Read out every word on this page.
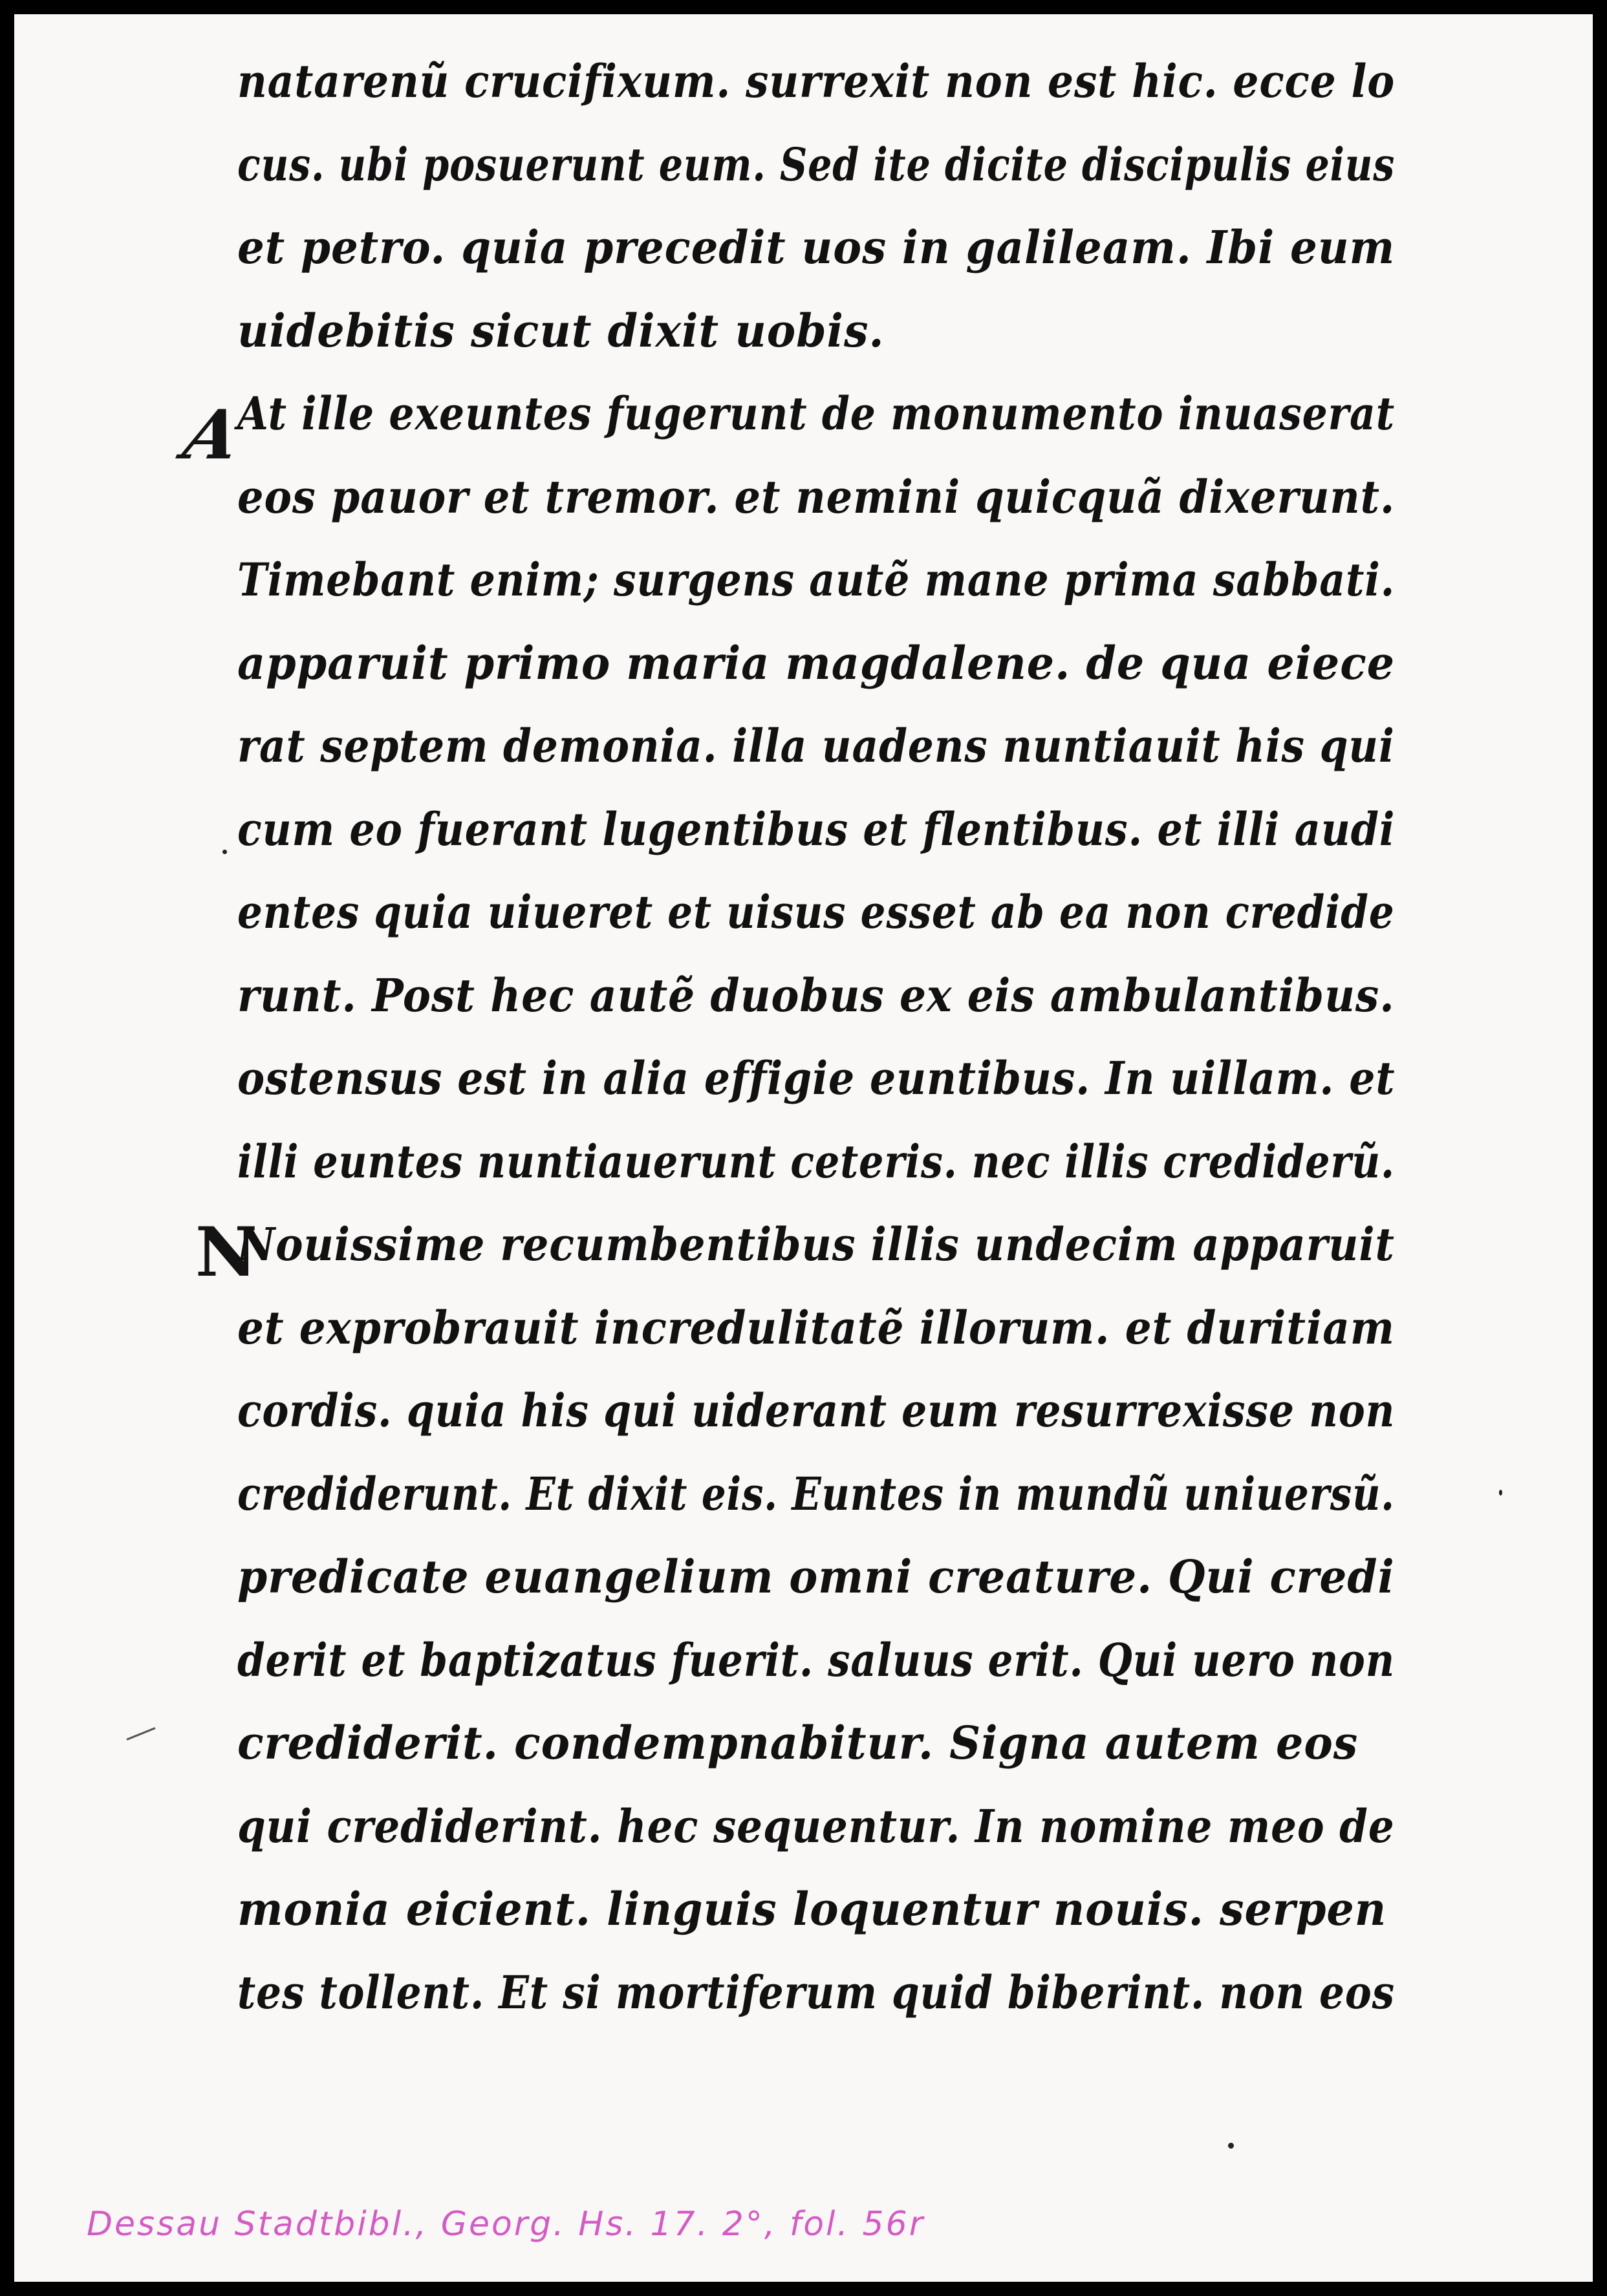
A
N
natarenũ crucifixum. surrexit non est hic. ecce lo
cus. ubi posuerunt eum. Sed ite dicite discipulis eius
et petro. quia precedit uos in galileam. Ibi eum
uidebitis sicut dixit uobis.
At ille exeuntes fugerunt de monumento inuaserat
eos pauor et tremor. et nemini quicquã dixerunt.
Timebant enim; surgens autẽ mane prima sabbati.
apparuit primo maria magdalene. de qua eiece
rat septem demonia. illa uadens nuntiauit his qui
cum eo fuerant lugentibus et flentibus. et illi audi
entes quia uiueret et uisus esset ab ea non credide
runt. Post hec autẽ duobus ex eis ambulantibus.
ostensus est in alia effigie euntibus. In uillam. et
illi euntes nuntiauerunt ceteris. nec illis crediderũ.
Nouissime recumbentibus illis undecim apparuit
et exprobrauit incredulitatẽ illorum. et duritiam
cordis. quia his qui uiderant eum resurrexisse non
crediderunt. Et dixit eis. Euntes in mundũ uniuersũ.
predicate euangelium omni creature. Qui credi
derit et baptizatus fuerit. saluus erit. Qui uero non
crediderit. condempnabitur. Signa autem eos
qui crediderint. hec sequentur. In nomine meo de
monia eicient. linguis loquentur nouis. serpen
tes tollent. Et si mortiferum quid biberint. non eos
Dessau Stadtbibl., Georg. Hs. 17. 2°, fol. 56r
